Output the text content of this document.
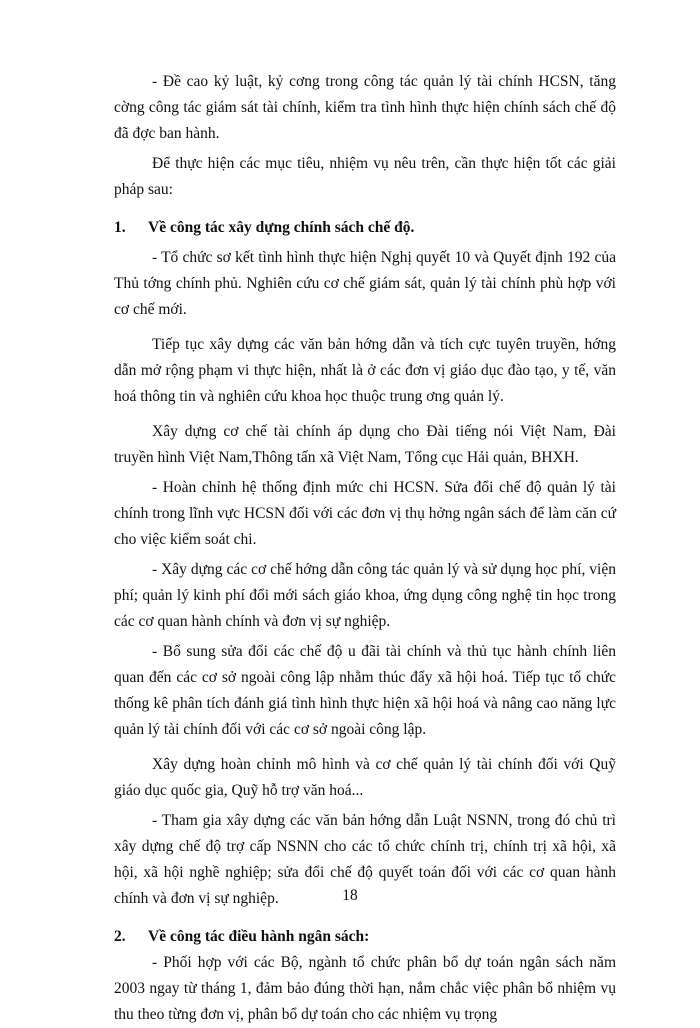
- Đề cao kỷ luật, kỷ cơng trong công tác quản lý tài chính HCSN, tăng cờng công tác giám sát tài chính, kiểm tra tình hình thực hiện chính sách chế độ đã đợc ban hành.

Để thực hiện các mục tiêu, nhiệm vụ nêu trên, cần thực hiện tốt các giải pháp sau:

1.	Về công tác xây dựng chính sách chế độ.

- Tổ chức sơ kết tình hình thực hiện Nghị quyết 10 và Quyết định 192 của Thủ tớng chính phủ. Nghiên cứu cơ chế giám sát, quản lý tài chính phù hợp với cơ chế mới.

Tiếp tục xây dựng các văn bản hớng dẫn và tích cực tuyên truyền, hớng dẫn mở rộng phạm vi thực hiện, nhất là ở các đơn vị giáo dục đào tạo, y tế, văn hoá thông tin và nghiên cứu khoa học thuộc trung ơng quản lý.

Xây dựng cơ chế tài chính áp dụng cho Đài tiếng nói Việt Nam, Đài truyền hình Việt Nam,Thông tấn xã Việt Nam, Tổng cục Hải quản, BHXH.

- Hoàn chỉnh hệ thống định mức chi HCSN. Sửa đổi chế độ quản lý tài chính trong lĩnh vực HCSN đối với các đơn vị thụ hởng ngân sách để làm căn cứ cho việc kiểm soát chi.

- Xây dựng các cơ chế hớng dẫn công tác quản lý và sử dụng học phí, viện phí; quản lý kinh phí đổi mới sách giáo khoa, ứng dụng công nghệ tin học trong các cơ quan hành chính và đơn vị sự nghiệp.

- Bổ sung sửa đổi các chế độ u đãi tài chính và thủ tục hành chính liên quan đến các cơ sở ngoài công lập nhằm thúc đẩy xã hội hoá. Tiếp tục tổ chức thống kê phân tích đánh giá tình hình thực hiện xã hội hoá và nâng cao năng lực quản lý tài chính đối với các cơ sở ngoài công lập.

Xây dựng hoàn chỉnh mô hình và cơ chế quản lý tài chính đối với Quỹ giáo dục quốc gia, Quỹ hỗ trợ văn hoá...

- Tham gia xây dựng các văn bản hớng dẫn Luật NSNN, trong đó chủ trì xây dựng chế độ trợ cấp NSNN cho các tổ chức chính trị, chính trị xã hội, xã hội, xã hội nghề nghiệp; sửa đổi chế độ quyết toán đối với các cơ quan hành chính và đơn vị sự nghiệp.

2.	Về công tác điều hành ngân sách:

- Phối hợp với các Bộ, ngành tổ chức phân bổ dự toán ngân sách năm 2003 ngay từ tháng 1, đảm bảo đúng thời hạn, nắm chắc việc phân bổ nhiệm vụ thu theo từng đơn vị, phân bổ dự toán cho các nhiệm vụ trọng

18
